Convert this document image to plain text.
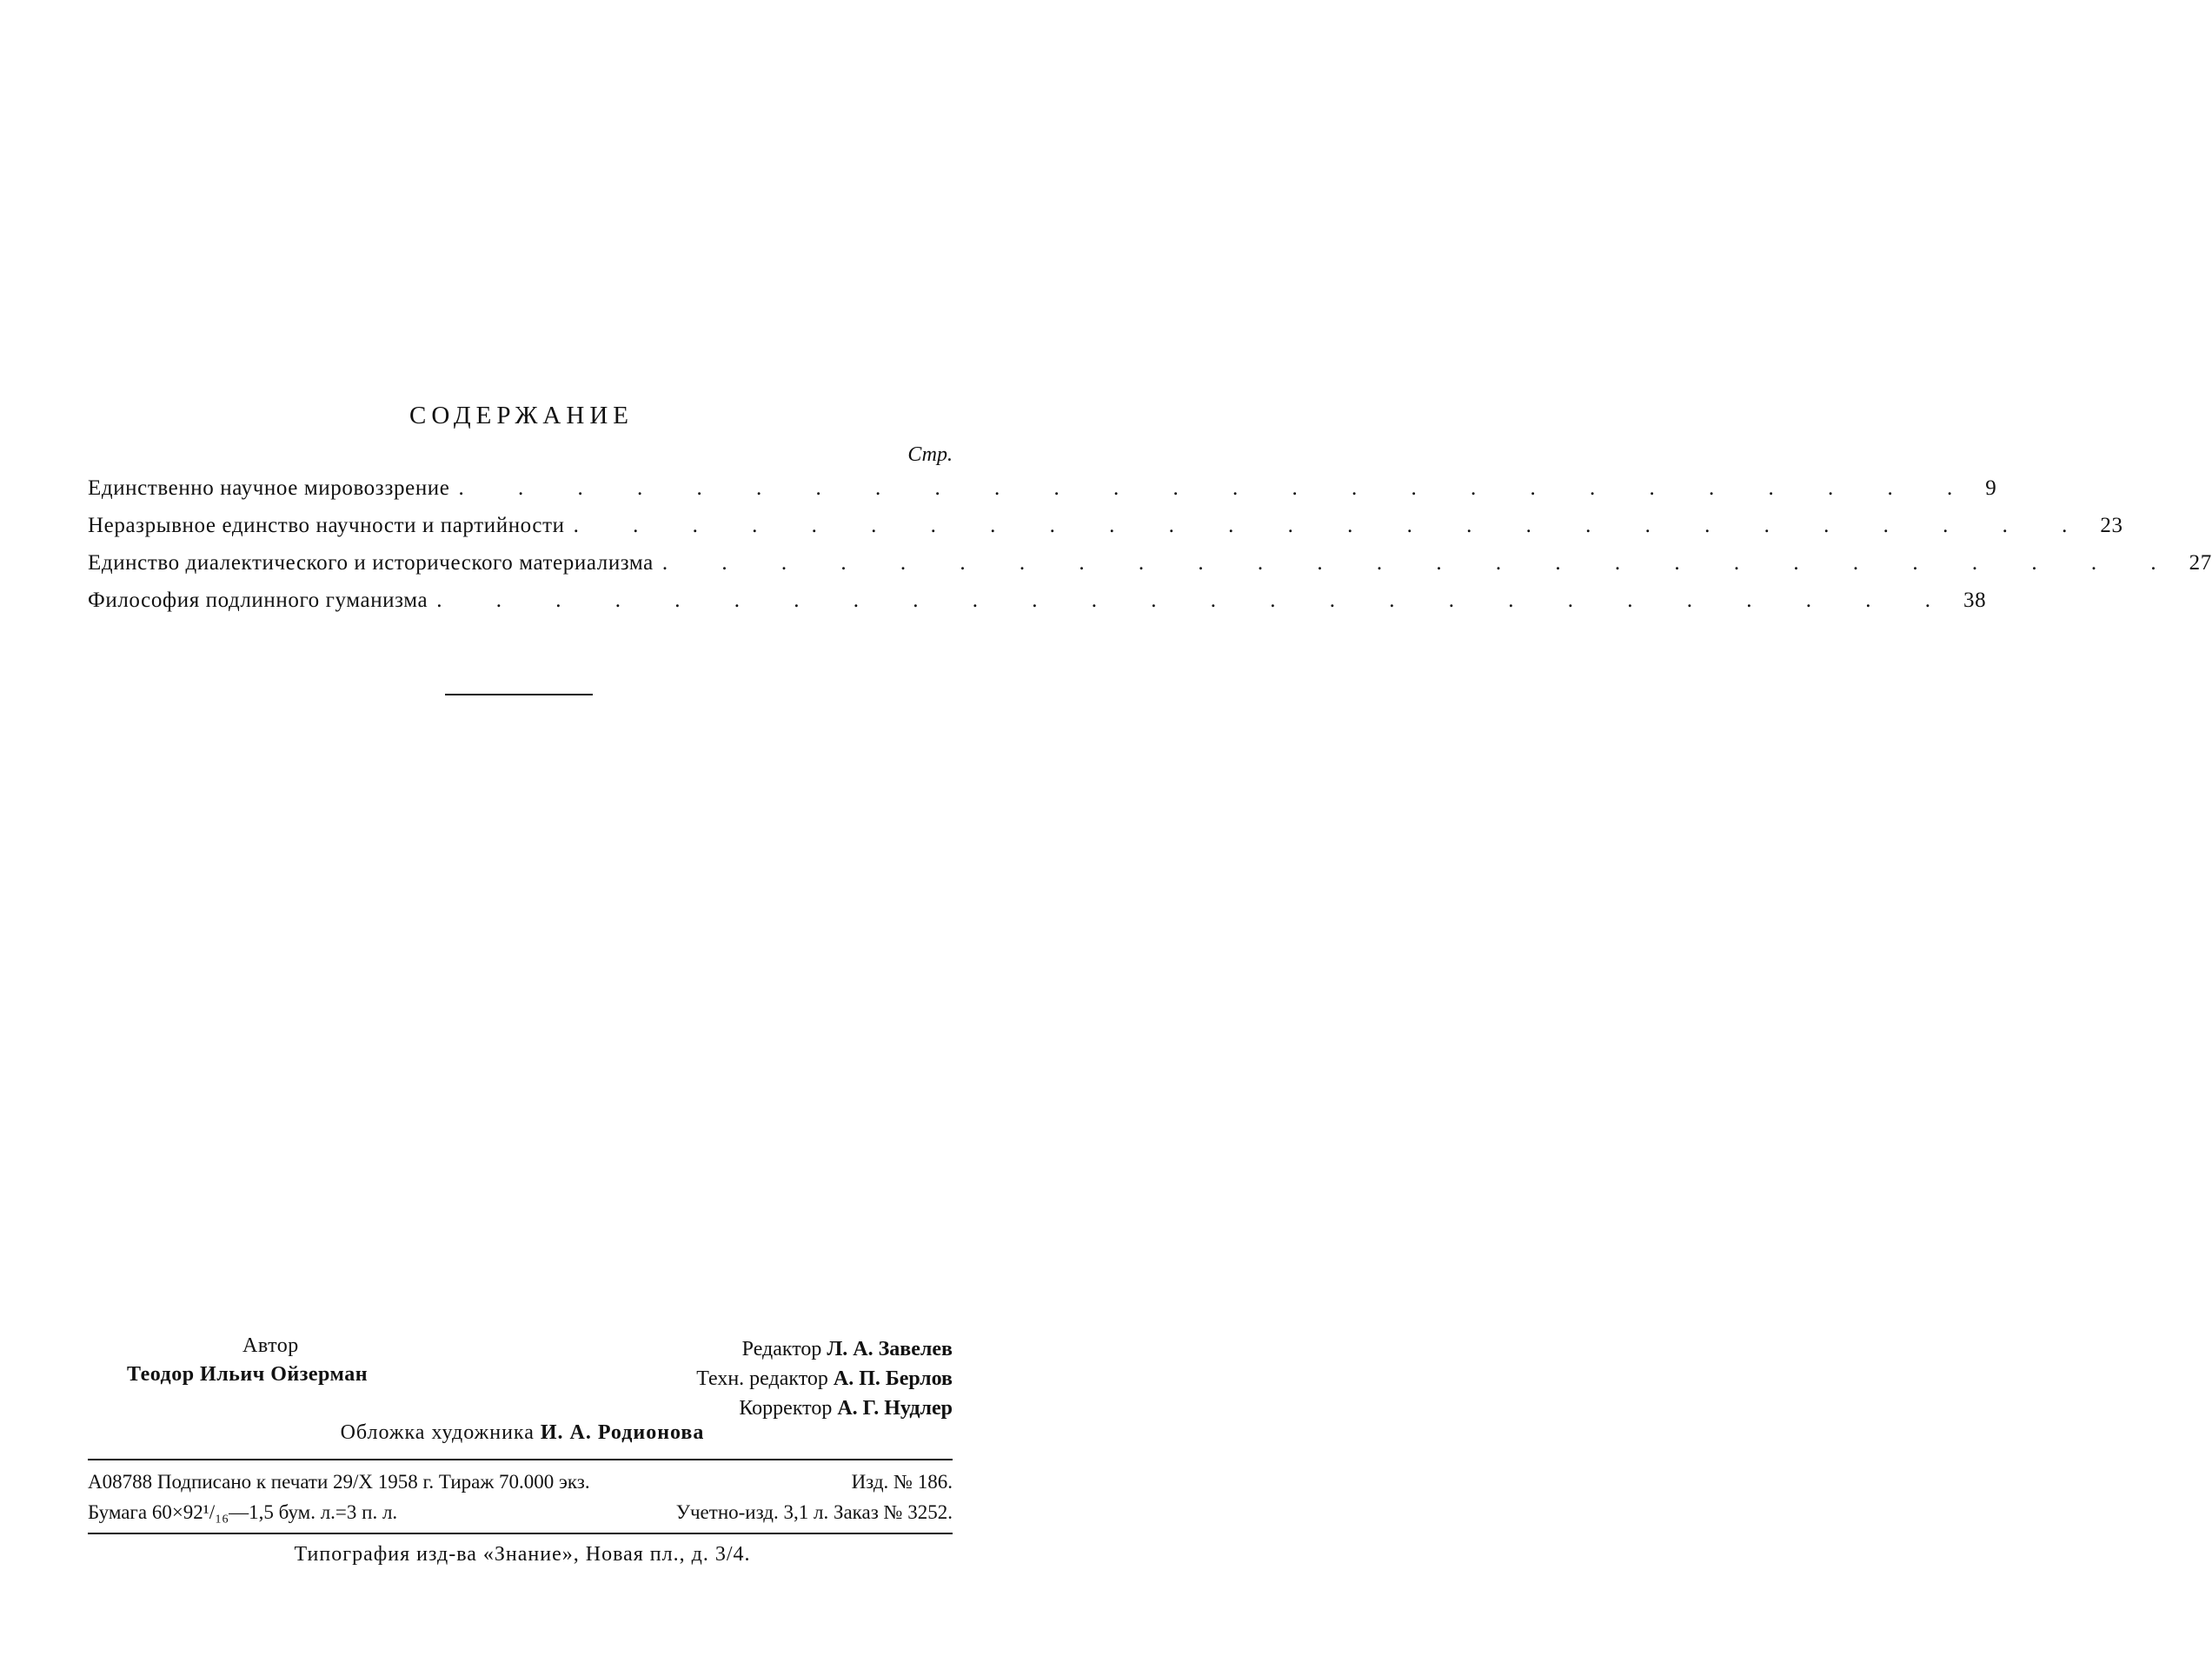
СОДЕРЖАНИЕ
Стр.
Единственно научное мировоззрение . . . . . . . . . . . . . . . . . . . . . . . . . . 9
Неразрывное единство научности и партийности . . . . . . . . . . . . . . . . . . . . . . . . . . 23
Единство диалектического и исторического материализма . . . . . . . . . . . . . . . . . . . . . . . . . . 27
Философия подлинного гуманизма . . . . . . . . . . . . . . . . . . . . . . . . . . 38
Автор
Теодор Ильич Ойзерман
Редактор Л. А. Завелев
Техн. редактор А. П. Берлов
Корректор А. Г. Нудлер
Обложка художника И. А. Родионова
А08788 Подписано к печати 29/X 1958 г. Тираж 70.000 экз.	Изд. № 186.
Бумага 60×92¹/₁₆—1,5 бум. л.=3 п. л.	Учетно-изд. 3,1 л. Заказ № 3252.
Типография изд-ва «Знание», Новая пл., д. 3/4.
